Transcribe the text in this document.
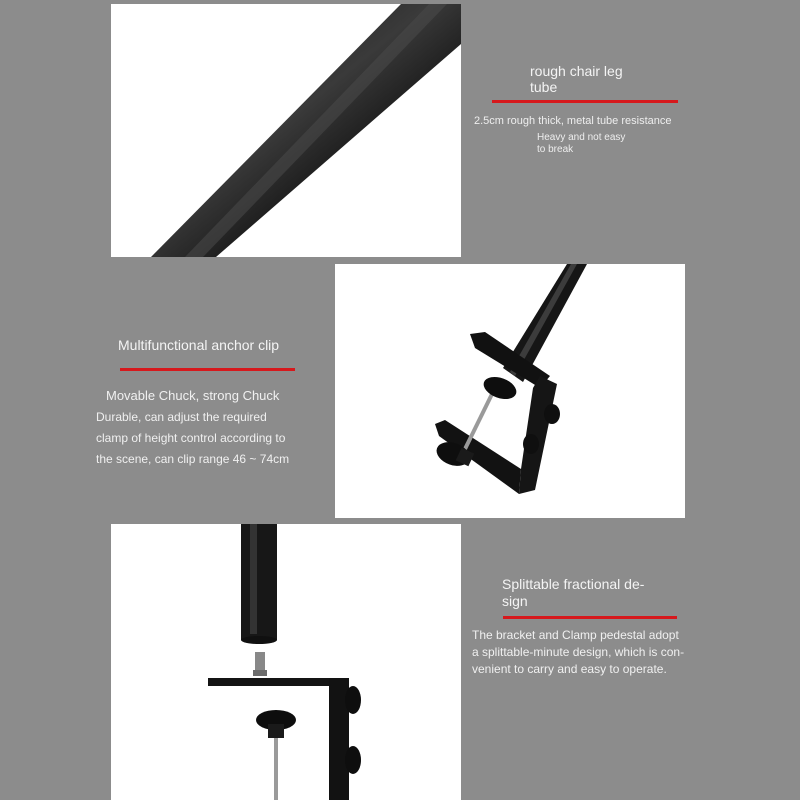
rough chair leg
tube
2.5cm rough thick, metal tube resistance
Heavy and not easy
to break
Multifunctional anchor clip
Movable Chuck, strong Chuck
Durable, can adjust the required
clamp of height control according to
the scene, can clip range 46 ~ 74cm
Splittable fractional de-
sign
The bracket and Clamp pedestal adopt
a splittable-minute design, which is con-
venient to carry and easy to operate.
